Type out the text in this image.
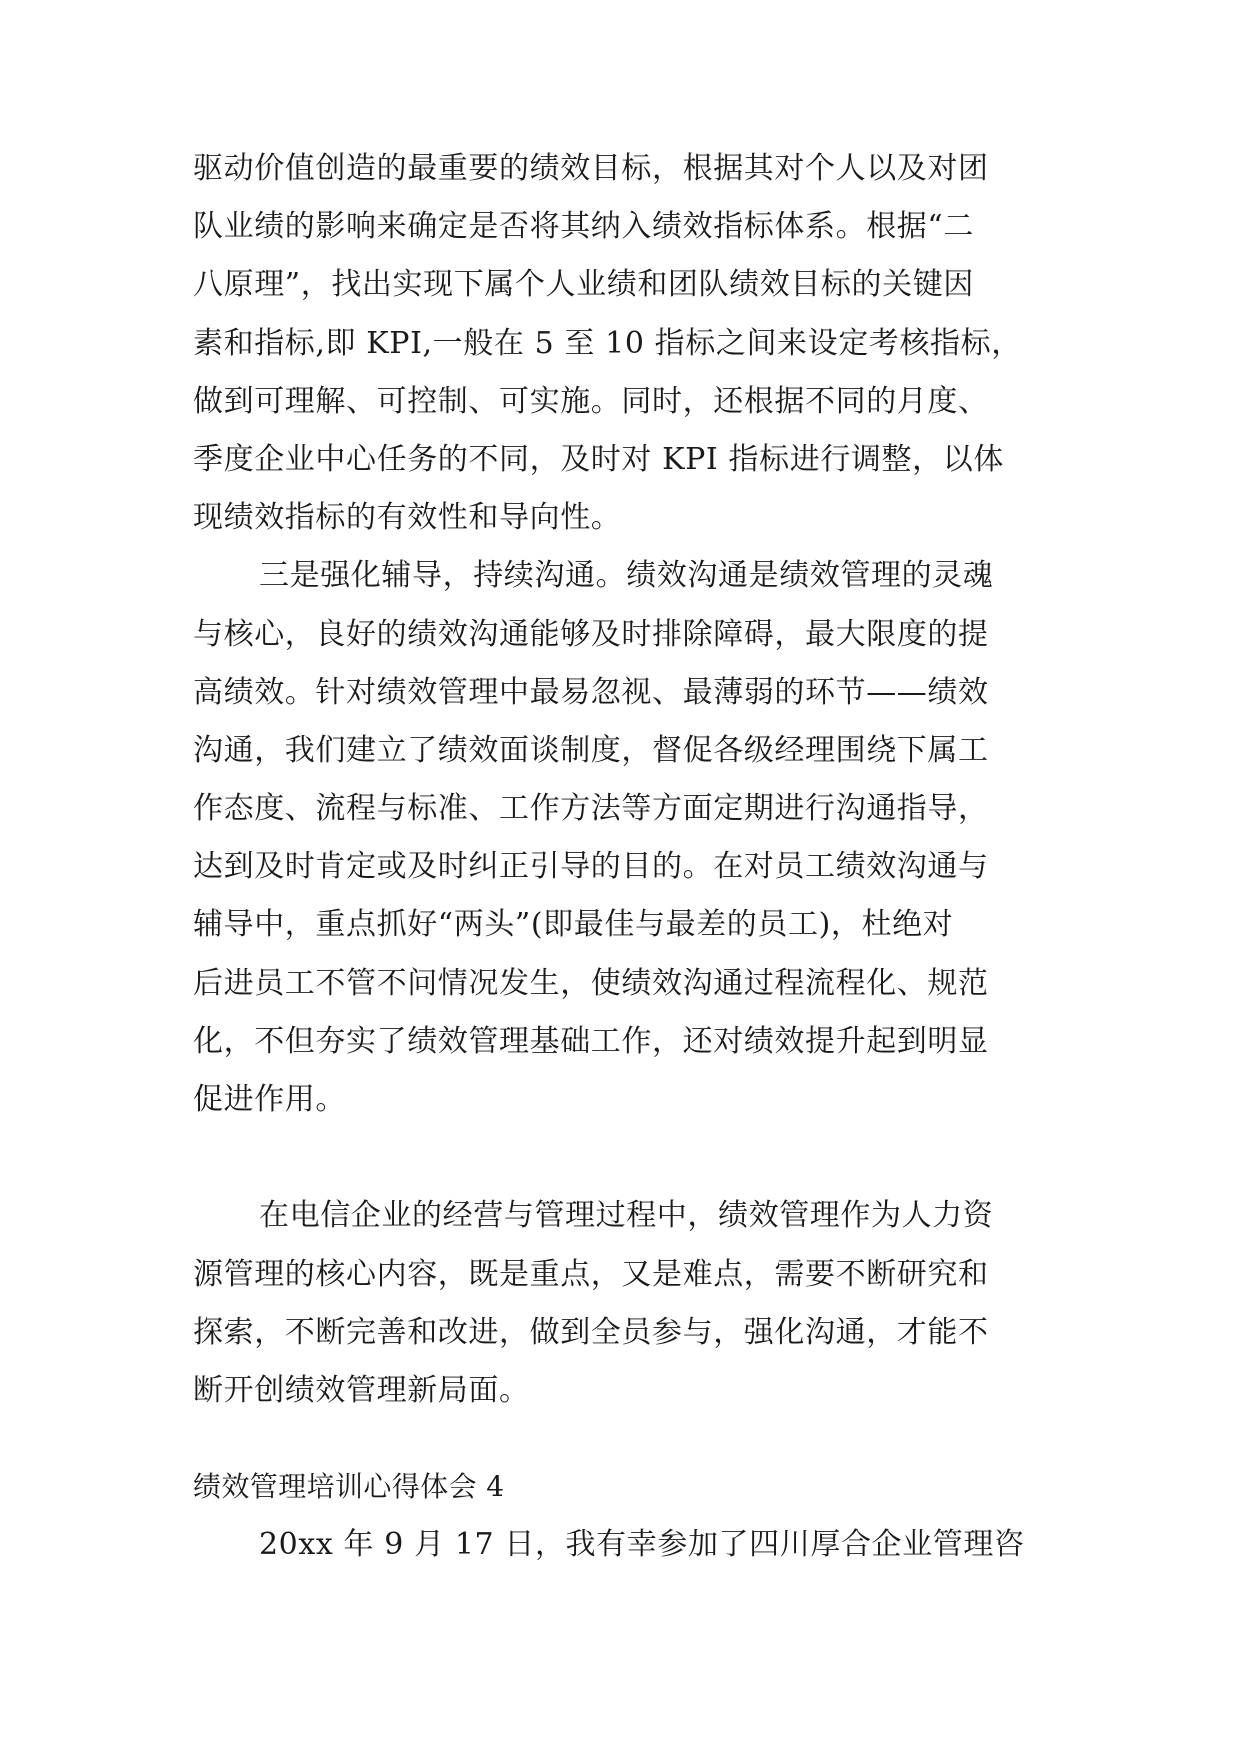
驱动价值创造的最重要的绩效目标，根据其对个人以及对团
队业绩的影响来确定是否将其纳入绩效指标体系。根据“二
八原理”，找出实现下属个人业绩和团队绩效目标的关键因
素和指标,即 KPI,一般在 5 至 10 指标之间来设定考核指标，
做到可理解、可控制、可实施。同时，还根据不同的月度、
季度企业中心任务的不同，及时对 KPI 指标进行调整，以体
现绩效指标的有效性和导向性。
三是强化辅导，持续沟通。绩效沟通是绩效管理的灵魂
与核心，良好的绩效沟通能够及时排除障碍，最大限度的提
高绩效。针对绩效管理中最易忽视、最薄弱的环节——绩效
沟通，我们建立了绩效面谈制度，督促各级经理围绕下属工
作态度、流程与标准、工作方法等方面定期进行沟通指导，
达到及时肯定或及时纠正引导的目的。在对员工绩效沟通与
辅导中，重点抓好“两头”(即最佳与最差的员工)，杜绝对
后进员工不管不问情况发生，使绩效沟通过程流程化、规范
化，不但夯实了绩效管理基础工作，还对绩效提升起到明显
促进作用。
在电信企业的经营与管理过程中，绩效管理作为人力资
源管理的核心内容，既是重点，又是难点，需要不断研究和
探索，不断完善和改进，做到全员参与，强化沟通，才能不
断开创绩效管理新局面。
绩效管理培训心得体会 4
20xx 年 9 月 17 日，我有幸参加了四川厚合企业管理咨
